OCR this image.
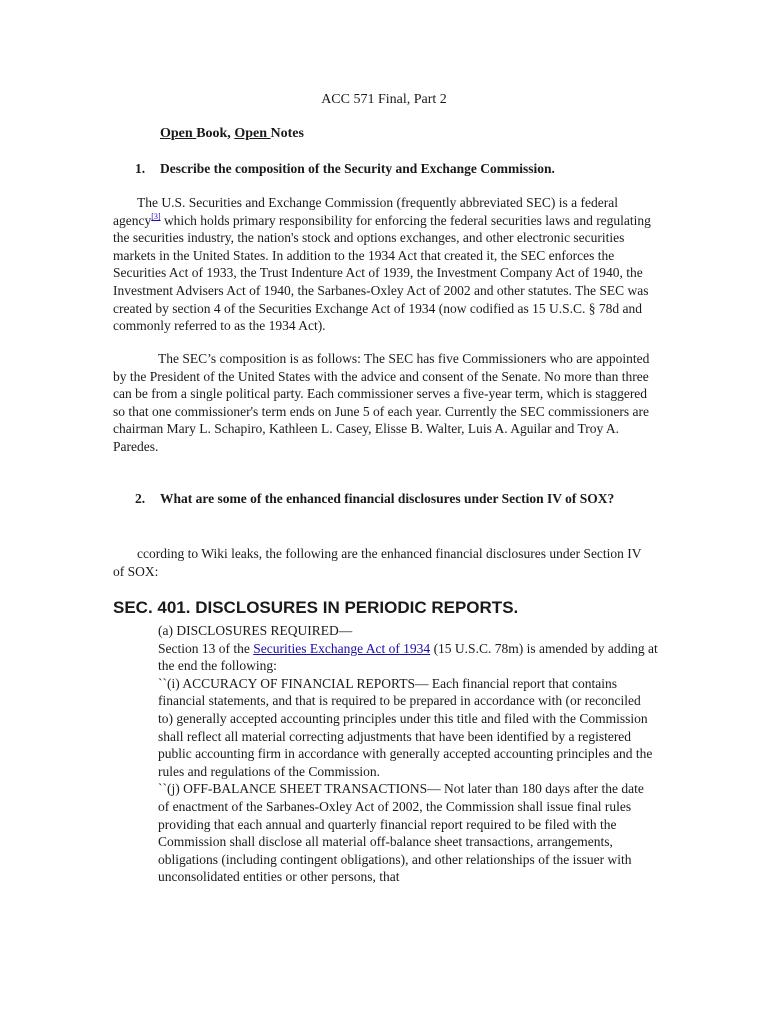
ACC 571 Final, Part 2
Open Book, Open Notes
1. Describe the composition of the Security and Exchange Commission.
The U.S. Securities and Exchange Commission (frequently abbreviated SEC) is a federal agency[3] which holds primary responsibility for enforcing the federal securities laws and regulating the securities industry, the nation's stock and options exchanges, and other electronic securities markets in the United States. In addition to the 1934 Act that created it, the SEC enforces the Securities Act of 1933, the Trust Indenture Act of 1939, the Investment Company Act of 1940, the Investment Advisers Act of 1940, the Sarbanes-Oxley Act of 2002 and other statutes. The SEC was created by section 4 of the Securities Exchange Act of 1934 (now codified as 15 U.S.C. § 78d and commonly referred to as the 1934 Act).
The SEC’s composition is as follows: The SEC has five Commissioners who are appointed by the President of the United States with the advice and consent of the Senate. No more than three can be from a single political party. Each commissioner serves a five-year term, which is staggered so that one commissioner's term ends on June 5 of each year. Currently the SEC commissioners are chairman Mary L. Schapiro, Kathleen L. Casey, Elisse B. Walter, Luis A. Aguilar and Troy A. Paredes.
2. What are some of the enhanced financial disclosures under Section IV of SOX?
ccording to Wiki leaks, the following are the enhanced financial disclosures under Section IV of SOX:
SEC. 401. DISCLOSURES IN PERIODIC REPORTS.
(a) DISCLOSURES REQUIRED—
Section 13 of the Securities Exchange Act of 1934 (15 U.S.C. 78m) is amended by adding at the end the following:
``(i) ACCURACY OF FINANCIAL REPORTS— Each financial report that contains financial statements, and that is required to be prepared in accordance with (or reconciled to) generally accepted accounting principles under this title and filed with the Commission shall reflect all material correcting adjustments that have been identified by a registered public accounting firm in accordance with generally accepted accounting principles and the rules and regulations of the Commission.
``(j) OFF-BALANCE SHEET TRANSACTIONS— Not later than 180 days after the date of enactment of the Sarbanes-Oxley Act of 2002, the Commission shall issue final rules providing that each annual and quarterly financial report required to be filed with the Commission shall disclose all material off-balance sheet transactions, arrangements, obligations (including contingent obligations), and other relationships of the issuer with unconsolidated entities or other persons, that
